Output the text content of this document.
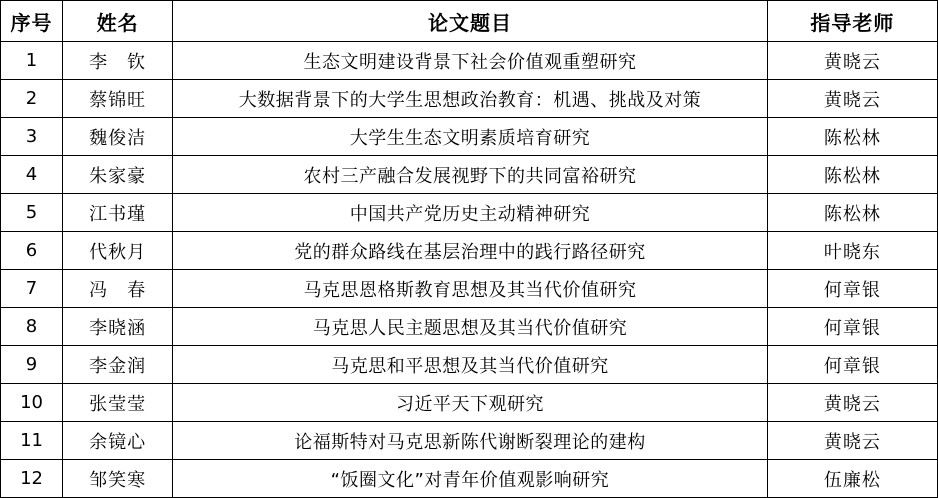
序号	姓名	论文题目	指导老师
1	李　钦	生态文明建设背景下社会价值观重塑研究	黄晓云
2	蔡锦旺	大数据背景下的大学生思想政治教育：机遇、挑战及对策	黄晓云
3	魏俊洁	大学生生态文明素质培育研究	陈松林
4	朱家豪	农村三产融合发展视野下的共同富裕研究	陈松林
5	江书瑾	中国共产党历史主动精神研究	陈松林
6	代秋月	党的群众路线在基层治理中的践行路径研究	叶晓东
7	冯　春	马克思恩格斯教育思想及其当代价值研究	何章银
8	李晓涵	马克思人民主题思想及其当代价值研究	何章银
9	李金润	马克思和平思想及其当代价值研究	何章银
10	张莹莹	习近平天下观研究	黄晓云
11	余镜心	论福斯特对马克思新陈代谢断裂理论的建构	黄晓云
12	邹笑寒	“饭圈文化”对青年价值观影响研究	伍廉松
